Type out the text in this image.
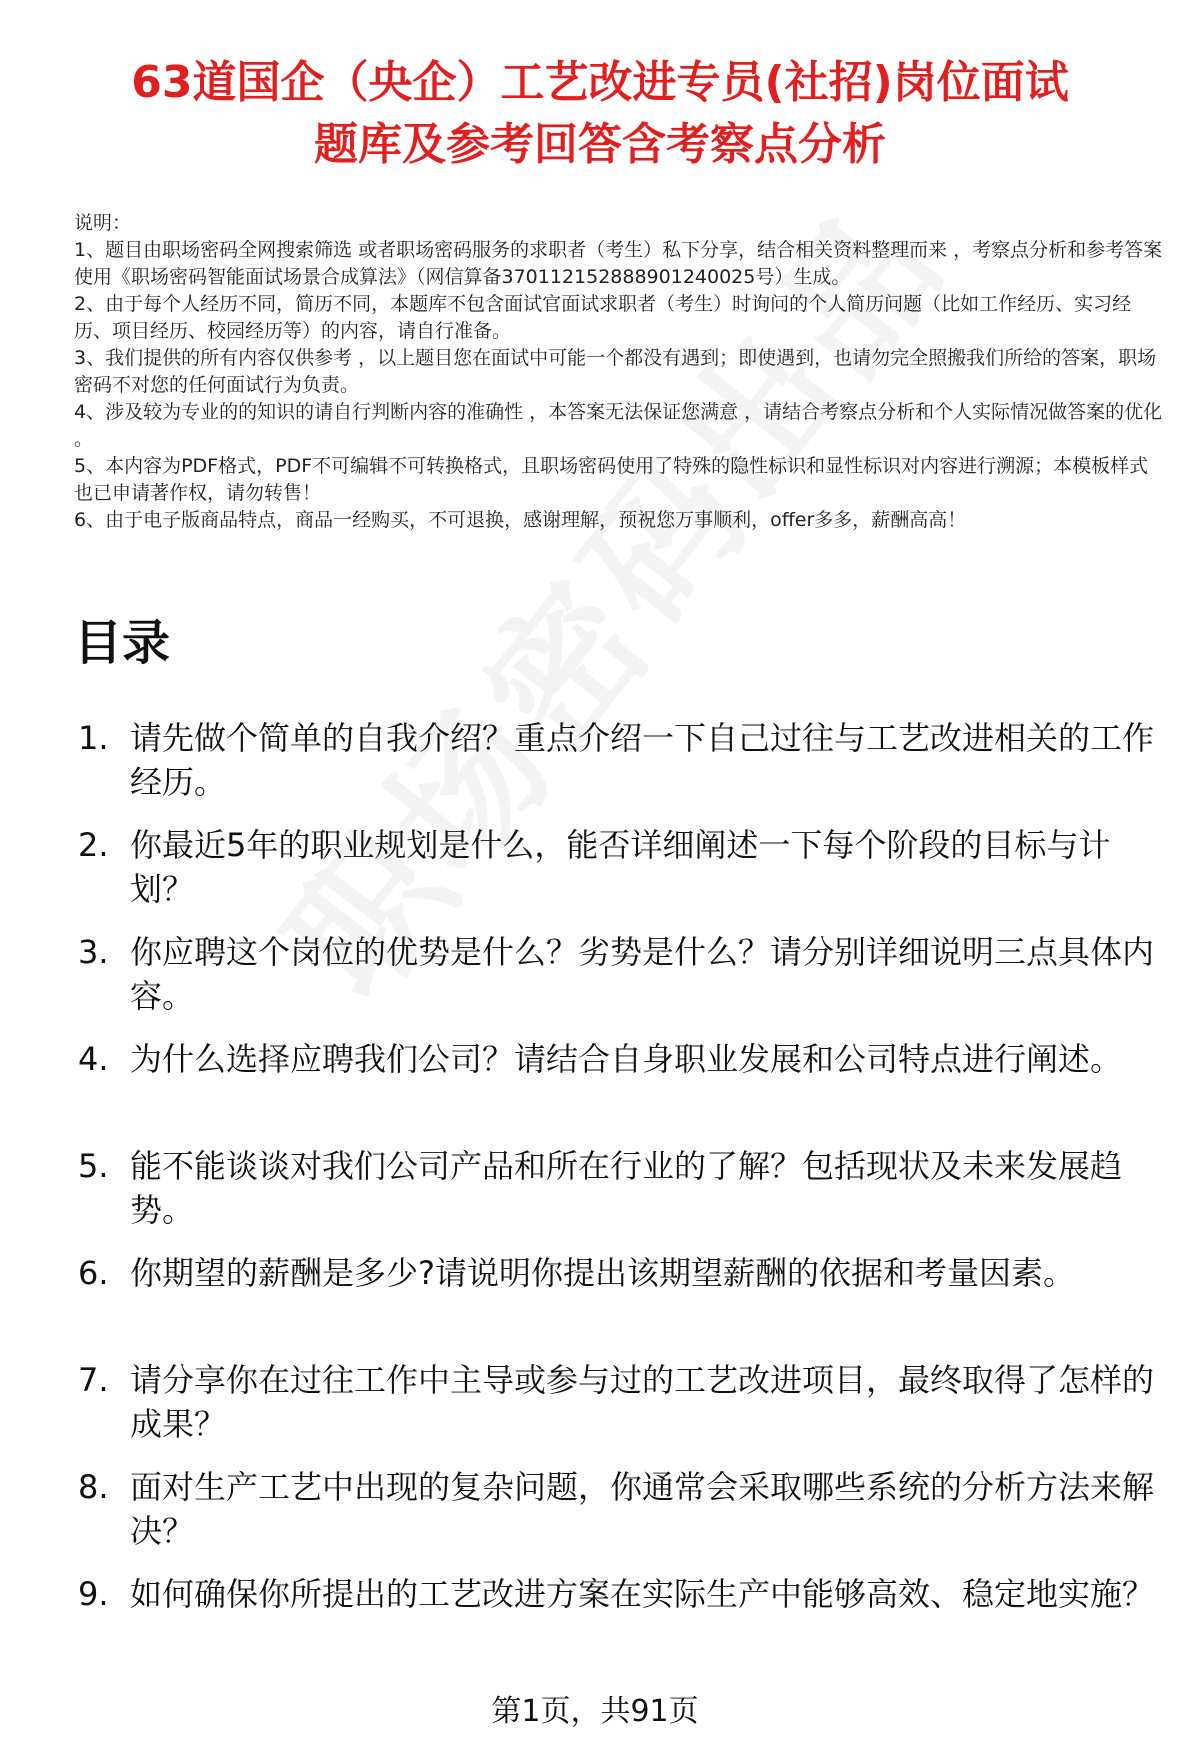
63道国企（央企）工艺改进专员(社招)岗位面试
题库及参考回答含考察点分析
说明：
1、题目由职场密码全网搜索筛选 或者职场密码服务的求职者（考生）私下分享，结合相关资料整理而来 ，考察点分析和参考答案使用《职场密码智能面试场景合成算法》（网信算备370112152888901240025号）生成。
2、由于每个人经历不同，简历不同，本题库不包含面试官面试求职者（考生）时询问的个人简历问题（比如工作经历、实习经历、项目经历、校园经历等）的内容，请自行准备。
3、我们提供的所有内容仅供参考 ，以上题目您在面试中可能一个都没有遇到；即使遇到，也请勿完全照搬我们所给的答案，职场密码不对您的任何面试行为负责。
4、涉及较为专业的的知识的请自行判断内容的准确性 ，本答案无法保证您满意 ，请结合考察点分析和个人实际情况做答案的优化 。
5、本内容为PDF格式，PDF不可编辑不可转换格式，且职场密码使用了特殊的隐性标识和显性标识对内容进行溯源；本模板样式也已申请著作权，请勿转售！
6、由于电子版商品特点，商品一经购买，不可退换，感谢理解，预祝您万事顺利，offer多多，薪酬高高！
目录
1. 请先做个简单的自我介绍？重点介绍一下自己过往与工艺改进相关的工作经历。
2. 你最近5年的职业规划是什么，能否详细阐述一下每个阶段的目标与计划？
3. 你应聘这个岗位的优势是什么？劣势是什么？请分别详细说明三点具体内容。
4. 为什么选择应聘我们公司？请结合自身职业发展和公司特点进行阐述。
5. 能不能谈谈对我们公司产品和所在行业的了解？包括现状及未来发展趋势。
6. 你期望的薪酬是多少?请说明你提出该期望薪酬的依据和考量因素。
7. 请分享你在过往工作中主导或参与过的工艺改进项目，最终取得了怎样的成果？
8. 面对生产工艺中出现的复杂问题，你通常会采取哪些系统的分析方法来解决？
9. 如何确保你所提出的工艺改进方案在实际生产中能够高效、稳定地实施？
第1页，共91页
